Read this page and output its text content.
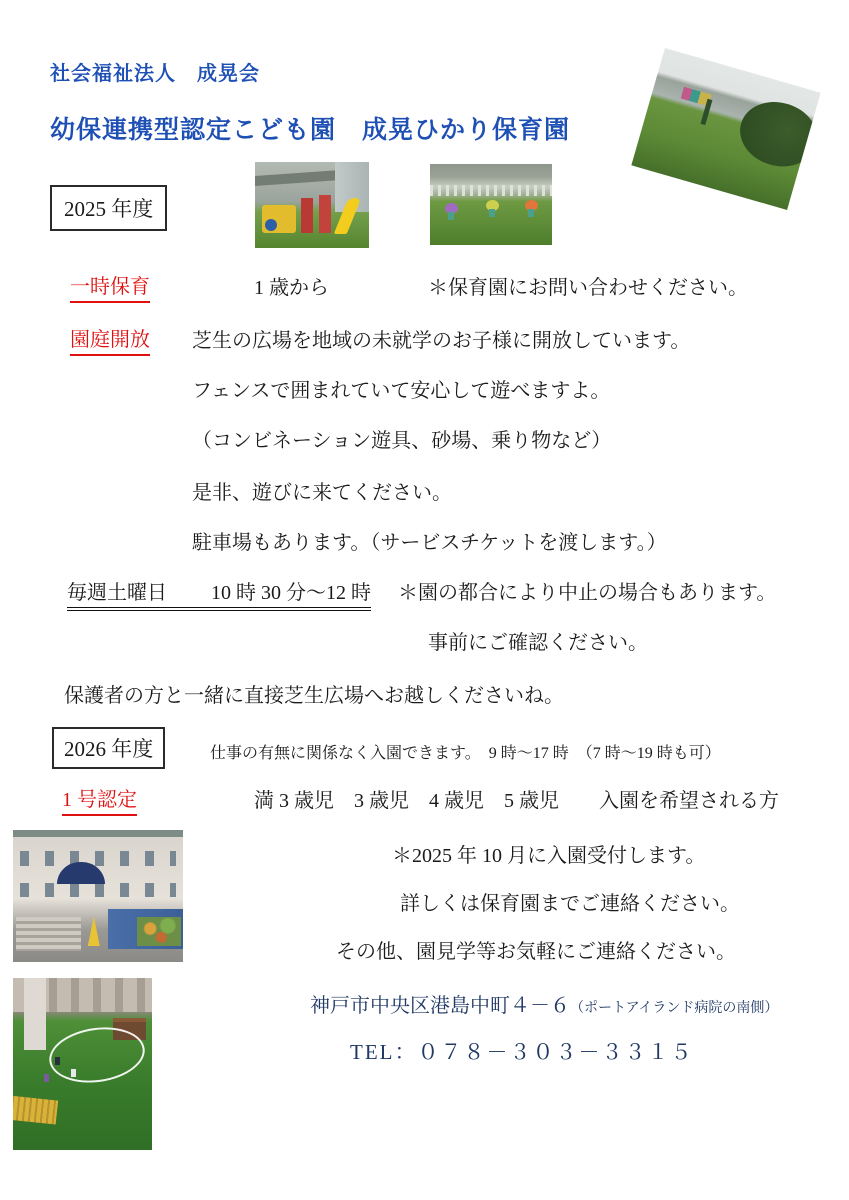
社会福祉法人　成晃会
幼保連携型認定こども園　成晃ひかり保育園
2025 年度
一時保育	1 歳から	＊保育園にお問い合わせください。
園庭開放 芝生の広場を地域の未就学のお子様に開放しています。
フェンスで囲まれていて安心して遊べますよ。
（コンビネーション遊具、砂場、乗り物など）
是非、遊びに来てください。
駐車場もあります。（サービスチケットを渡します。）
毎週土曜日 10 時 30 分～12 時 ＊園の都合により中止の場合もあります。
事前にご確認ください。
保護者の方と一緒に直接芝生広場へお越しくださいね。
2026 年度	仕事の有無に関係なく入園できます。　9 時～17 時　（7 時～19 時も可）
1 号認定	満 3 歳児　3 歳児　4 歳児　5 歳児　　入園を希望される方
＊2025 年 10 月に入園受付します。
詳しくは保育園までご連絡ください。
その他、園見学等お気軽にご連絡ください。
神戸市中央区港島中町４－６（ポートアイランド病院の南側）
TEL：０７８－３０３－３３１５
